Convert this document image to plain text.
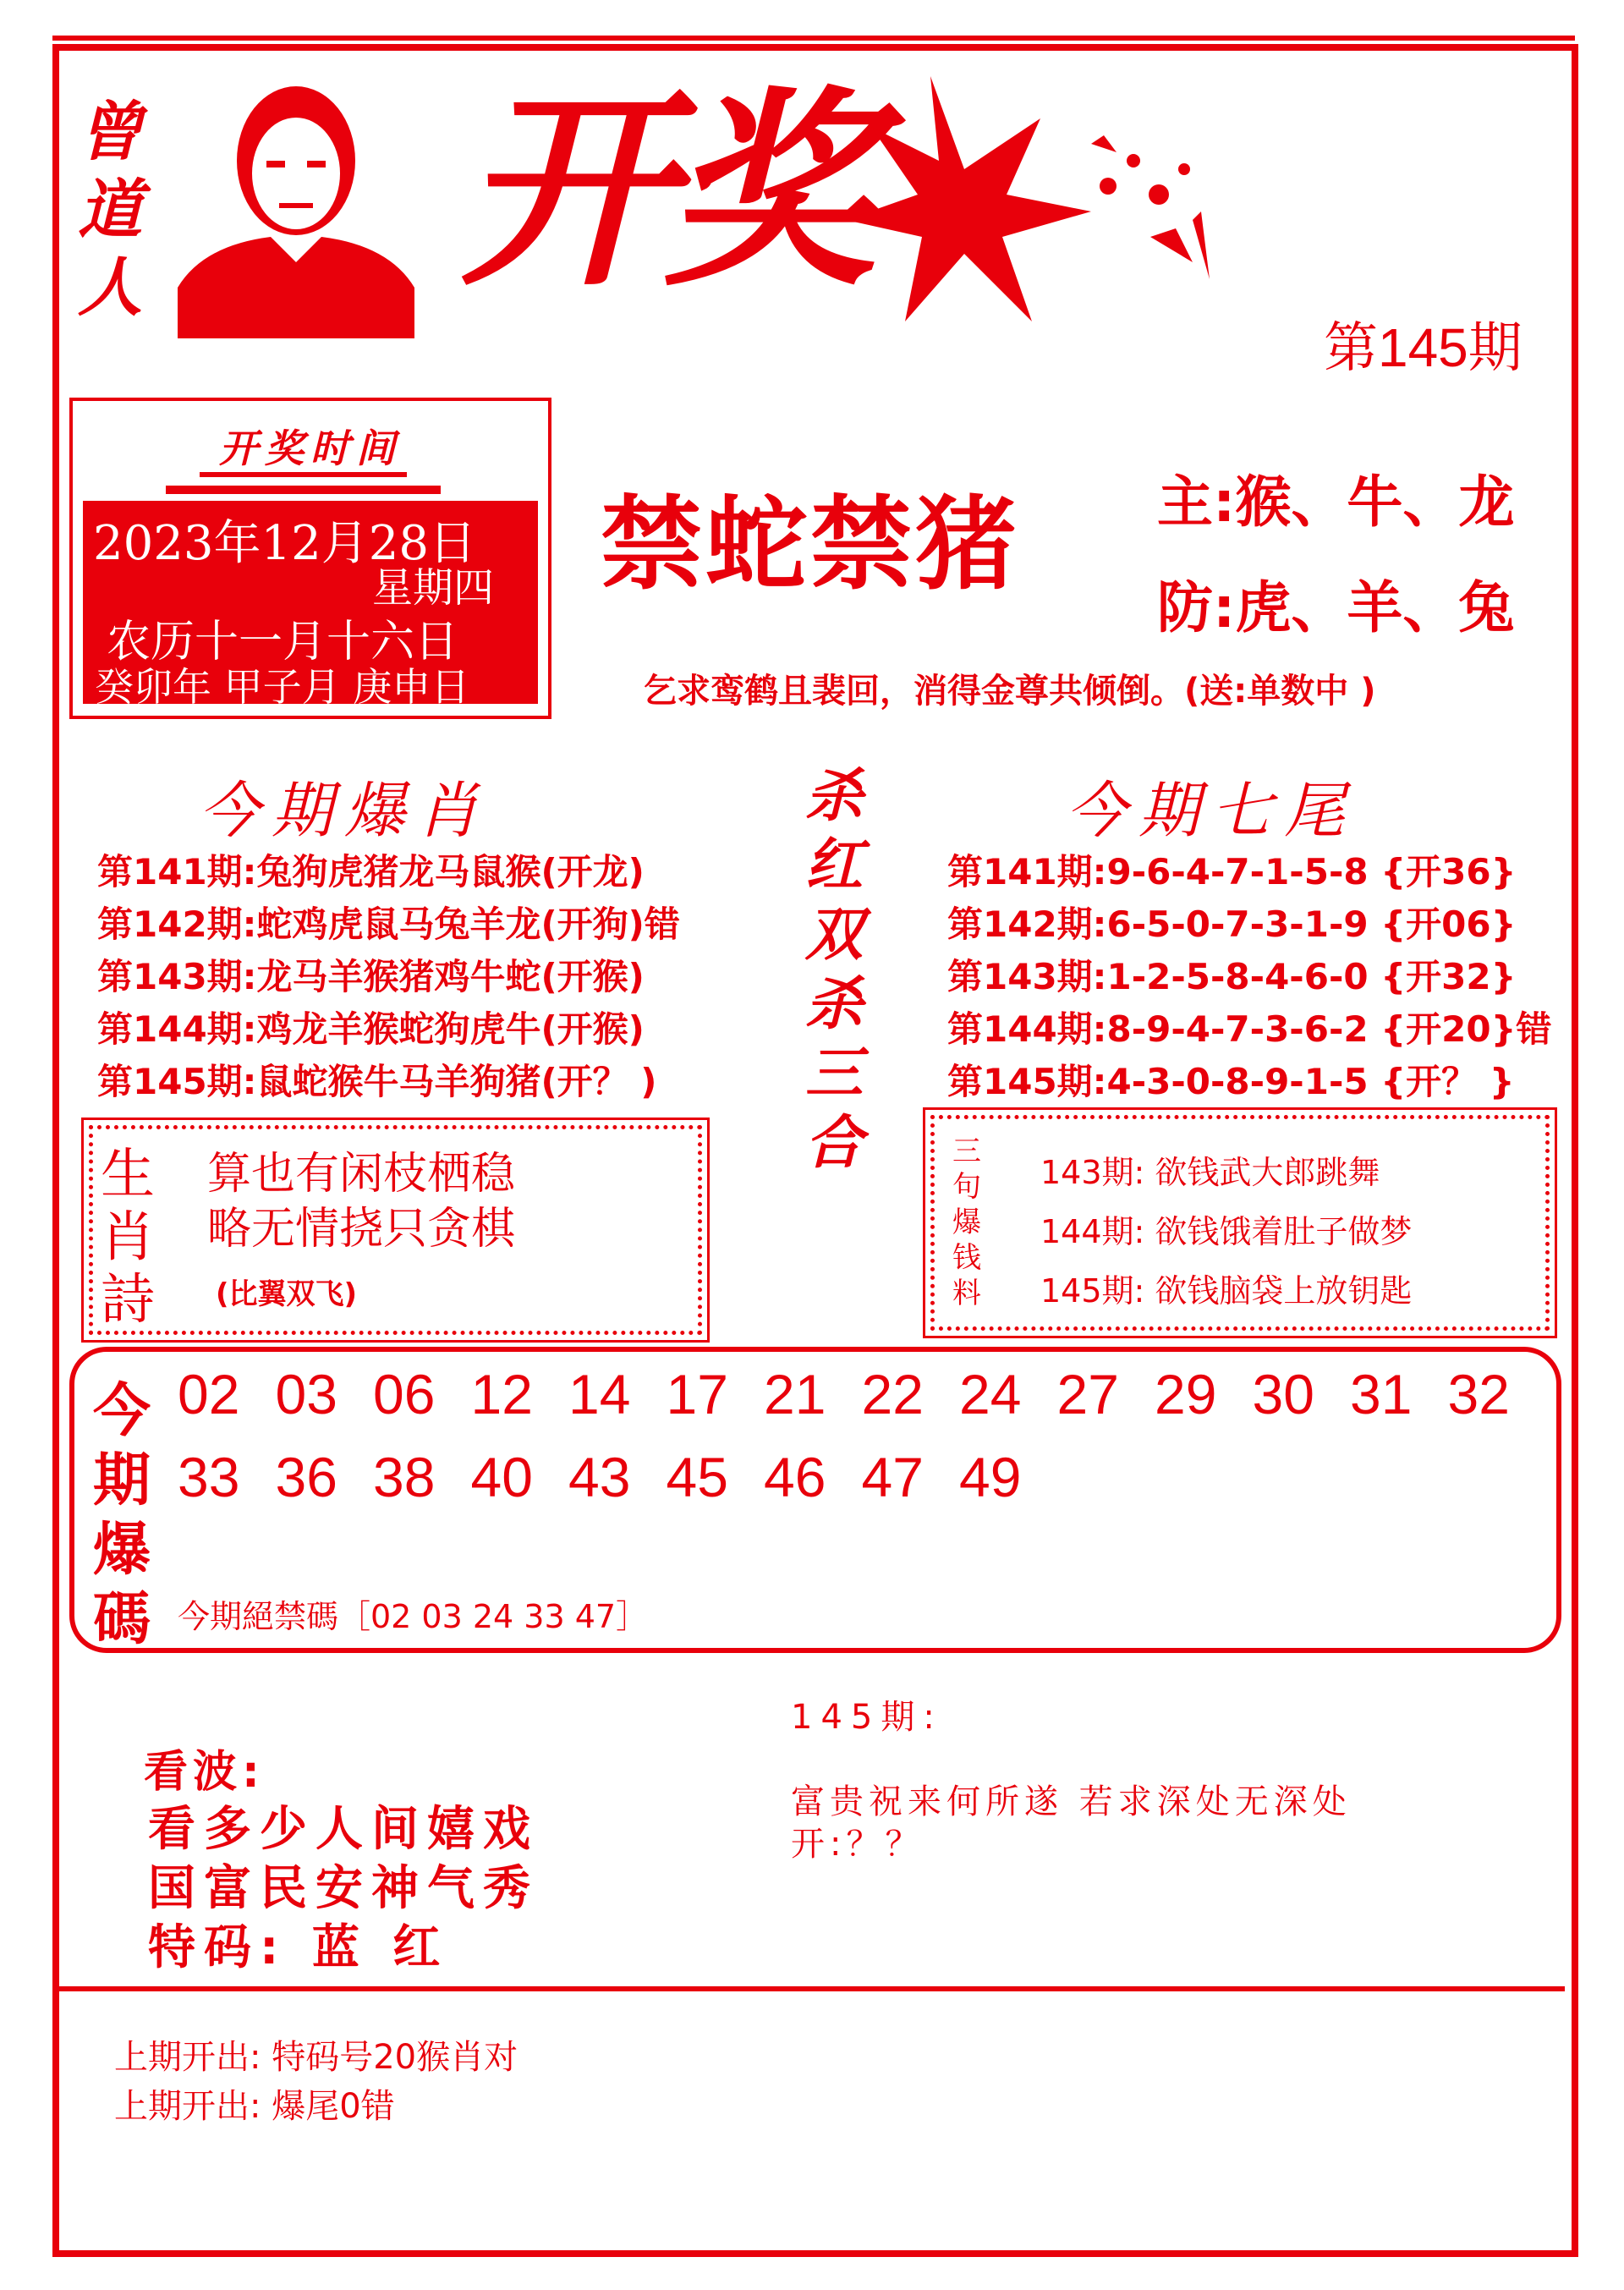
曾
道
人 开奖
第145期
开奖时间
2023年12月28日
星期四
农历十一月十六日
癸卯年 甲子月 庚申日
禁蛇禁猪 主:猴、牛、龙
防:虎、羊、兔
乞求鸾鹤且裴回，消得金尊共倾倒。(送:单数中 )
今期爆肖
第141期:兔狗虎猪龙马鼠猴(开龙)
第142期:蛇鸡虎鼠马兔羊龙(开狗)错
第143期:龙马羊猴猪鸡牛蛇(开猴)
第144期:鸡龙羊猴蛇狗虎牛(开猴)
第145期:鼠蛇猴牛马羊狗猪(开？ )
杀
红
双
杀
三
合
今期七尾
第141期:9-6-4-7-1-5-8 {开36}
第142期:6-5-0-7-3-1-9 {开06}
第143期:1-2-5-8-4-6-0 {开32}
第144期:8-9-4-7-3-6-2 {开20}错
第145期:4-3-0-8-9-1-5 {开？ }
生
肖
詩
算也有闲枝栖稳
略无情挠只贪棋
(比翼双飞)
三
句
爆
钱
料
143期: 欲钱武大郎跳舞
144期: 欲钱饿着肚子做梦
145期: 欲钱脑袋上放钥匙
今
期
爆
碼
02 03 06 12 14 17 21 22 24 27 29 30 31 32
33 36 38 40 43 45 46 47 49
今期絕禁碼［02 03 24 33 47］
看波:
看多少人间嬉戏
国富民安神气秀
特码: 蓝 红
145期:
富贵祝来何所遂 若求深处无深处
开:？？
上期开出: 特码号20猴肖对
上期开出: 爆尾0错
